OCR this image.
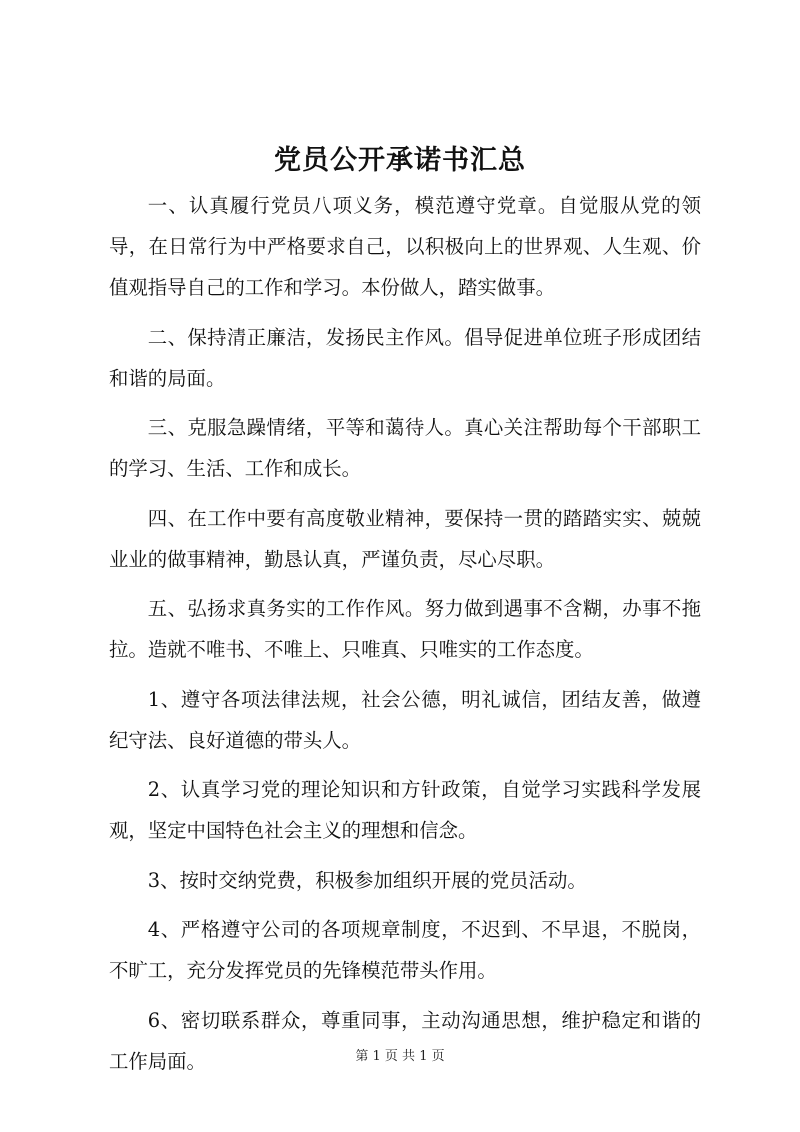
党员公开承诺书汇总

一、认真履行党员八项义务，模范遵守党章。自觉服从党的领导，在日常行为中严格要求自己，以积极向上的世界观、人生观、价值观指导自己的工作和学习。本份做人，踏实做事。

二、保持清正廉洁，发扬民主作风。倡导促进单位班子形成团结和谐的局面。

三、克服急躁情绪，平等和蔼待人。真心关注帮助每个干部职工的学习、生活、工作和成长。

四、在工作中要有高度敬业精神，要保持一贯的踏踏实实、兢兢业业的做事精神，勤恳认真，严谨负责，尽心尽职。

五、弘扬求真务实的工作作风。努力做到遇事不含糊，办事不拖拉。造就不唯书、不唯上、只唯真、只唯实的工作态度。

1、遵守各项法律法规，社会公德，明礼诚信，团结友善，做遵纪守法、良好道德的带头人。

2、认真学习党的理论知识和方针政策，自觉学习实践科学发展观，坚定中国特色社会主义的理想和信念。

3、按时交纳党费，积极参加组织开展的党员活动。

4、严格遵守公司的各项规章制度，不迟到、不早退，不脱岗，不旷工，充分发挥党员的先锋模范带头作用。

6、密切联系群众，尊重同事，主动沟通思想，维护稳定和谐的工作局面。	第 1 页 共 1 页
